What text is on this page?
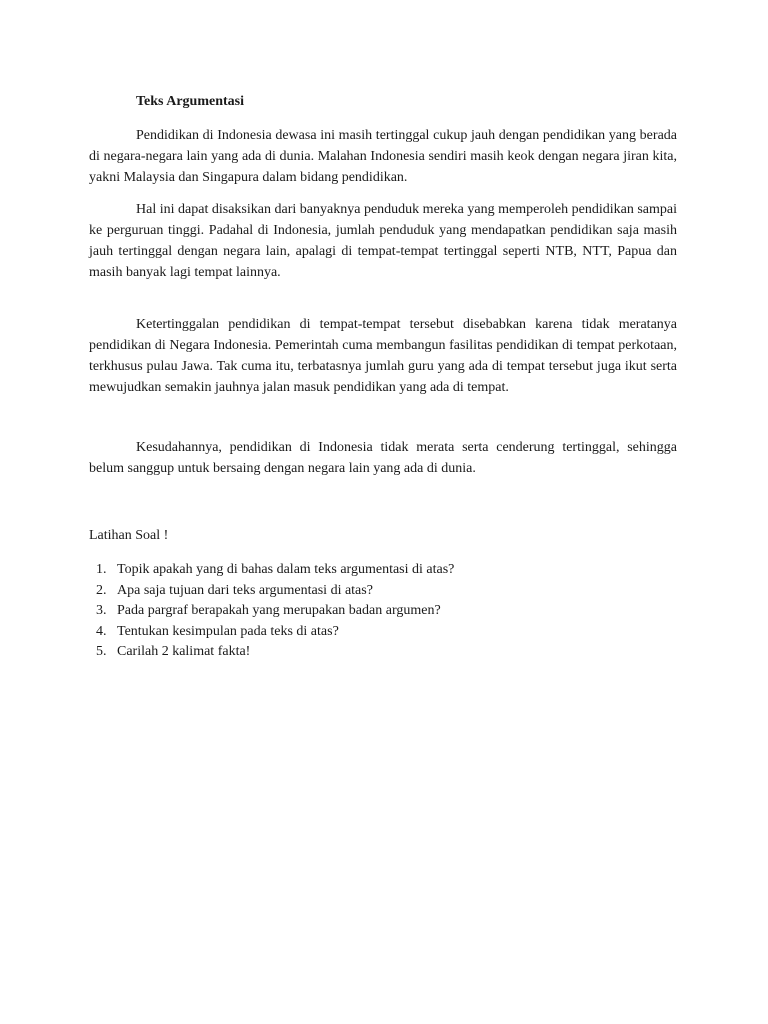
Teks Argumentasi

Pendidikan di Indonesia dewasa ini masih tertinggal cukup jauh dengan pendidikan yang berada di negara-negara lain yang ada di dunia. Malahan Indonesia sendiri masih keok dengan negara jiran kita, yakni Malaysia dan Singapura dalam bidang pendidikan.

Hal ini dapat disaksikan dari banyaknya penduduk mereka yang memperoleh pendidikan sampai ke perguruan tinggi. Padahal di Indonesia, jumlah penduduk yang mendapatkan pendidikan saja masih jauh tertinggal dengan negara lain, apalagi di tempat-tempat tertinggal seperti NTB, NTT, Papua dan masih banyak lagi tempat lainnya.

Ketertinggalan pendidikan di tempat-tempat tersebut disebabkan karena tidak meratanya pendidikan di Negara Indonesia. Pemerintah cuma membangun fasilitas pendidikan di tempat perkotaan, terkhusus pulau Jawa. Tak cuma itu, terbatasnya jumlah guru yang ada di tempat tersebut juga ikut serta mewujudkan semakin jauhnya jalan masuk pendidikan yang ada di tempat.

Kesudahannya, pendidikan di Indonesia tidak merata serta cenderung tertinggal, sehingga belum sanggup untuk bersaing dengan negara lain yang ada di dunia.

Latihan Soal !

1. Topik apakah yang di bahas dalam teks argumentasi di atas?
2. Apa saja tujuan dari teks argumentasi di atas?
3. Pada pargraf berapakah yang merupakan badan argumen?
4. Tentukan kesimpulan pada teks di atas?
5. Carilah 2 kalimat fakta!
